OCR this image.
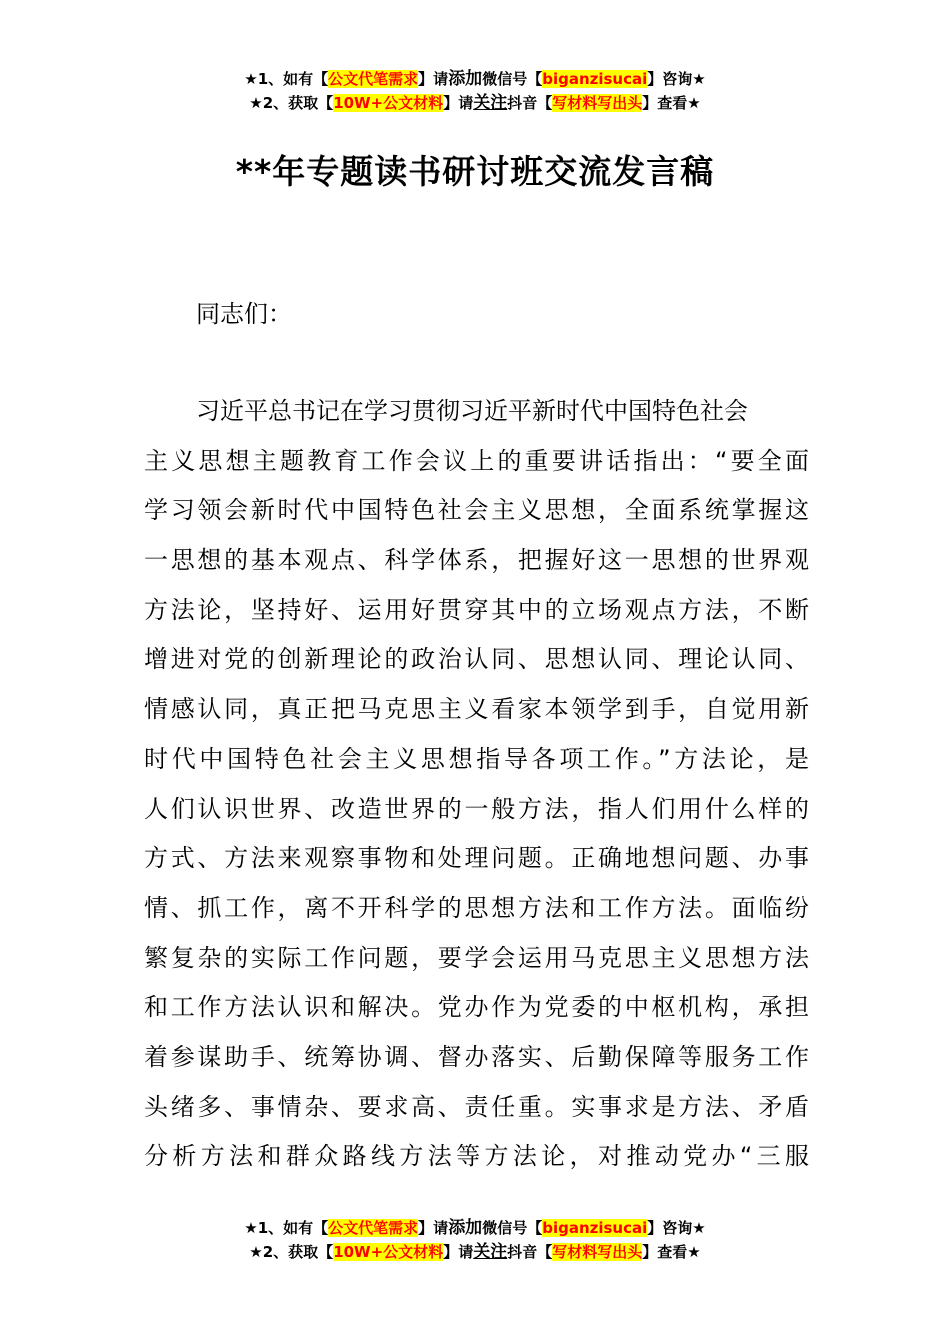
★1、如有【公文代笔需求】请添加微信号【biganzisucai】咨询★
★2、获取【10W+公文材料】请关注抖音【写材料写出头】查看★
**年专题读书研讨班交流发言稿
同志们：
习近平总书记在学习贯彻习近平新时代中国特色社会
主义思想主题教育工作会议上的重要讲话指出：“要全面
学习领会新时代中国特色社会主义思想，全面系统掌握这
一思想的基本观点、科学体系，把握好这一思想的世界观
方法论，坚持好、运用好贯穿其中的立场观点方法，不断
增进对党的创新理论的政治认同、思想认同、理论认同、
情感认同，真正把马克思主义看家本领学到手，自觉用新
时代中国特色社会主义思想指导各项工作。”方法论，是
人们认识世界、改造世界的一般方法，指人们用什么样的
方式、方法来观察事物和处理问题。正确地想问题、办事
情、抓工作，离不开科学的思想方法和工作方法。面临纷
繁复杂的实际工作问题，要学会运用马克思主义思想方法
和工作方法认识和解决。党办作为党委的中枢机构，承担
着参谋助手、统筹协调、督办落实、后勤保障等服务工作
头绪多、事情杂、要求高、责任重。实事求是方法、矛盾
分析方法和群众路线方法等方法论，对推动党办“三服
★1、如有【公文代笔需求】请添加微信号【biganzisucai】咨询★
★2、获取【10W+公文材料】请关注抖音【写材料写出头】查看★
